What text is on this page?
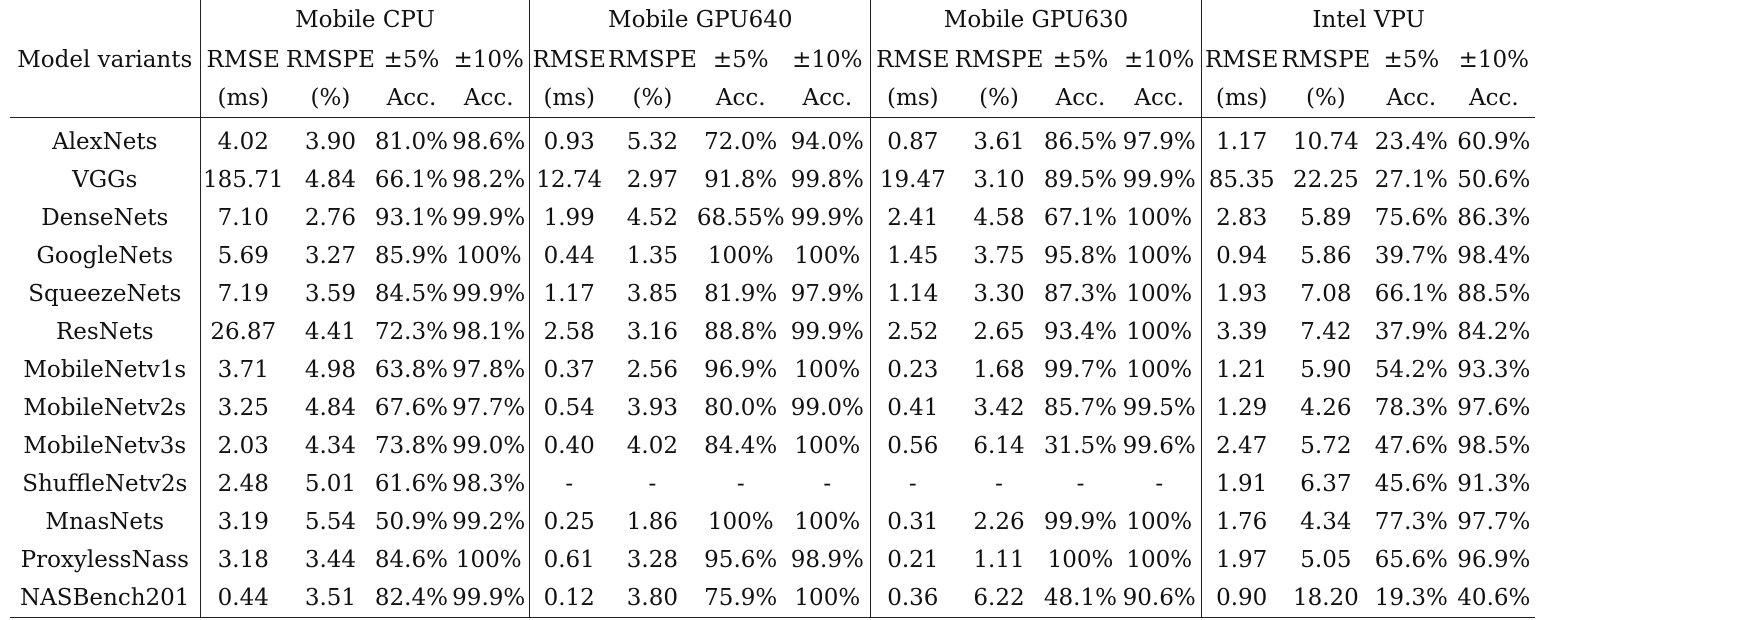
	Mobile CPU				Mobile GPU640				Mobile GPU630				Intel VPU			
Model variants	RMSE	RMSPE	±5%	±10%	RMSE	RMSPE	±5%	±10%	RMSE	RMSPE	±5%	±10%	RMSE	RMSPE	±5%	±10%
	(ms)	(%)	Acc.	Acc.	(ms)	(%)	Acc.	Acc.	(ms)	(%)	Acc.	Acc.	(ms)	(%)	Acc.	Acc.
AlexNets	4.02	3.90	81.0%	98.6%	0.93	5.32	72.0%	94.0%	0.87	3.61	86.5%	97.9%	1.17	10.74	23.4%	60.9%
VGGs	185.71	4.84	66.1%	98.2%	12.74	2.97	91.8%	99.8%	19.47	3.10	89.5%	99.9%	85.35	22.25	27.1%	50.6%
DenseNets	7.10	2.76	93.1%	99.9%	1.99	4.52	68.55%	99.9%	2.41	4.58	67.1%	100%	2.83	5.89	75.6%	86.3%
GoogleNets	5.69	3.27	85.9%	100%	0.44	1.35	100%	100%	1.45	3.75	95.8%	100%	0.94	5.86	39.7%	98.4%
SqueezeNets	7.19	3.59	84.5%	99.9%	1.17	3.85	81.9%	97.9%	1.14	3.30	87.3%	100%	1.93	7.08	66.1%	88.5%
ResNets	26.87	4.41	72.3%	98.1%	2.58	3.16	88.8%	99.9%	2.52	2.65	93.4%	100%	3.39	7.42	37.9%	84.2%
MobileNetv1s	3.71	4.98	63.8%	97.8%	0.37	2.56	96.9%	100%	0.23	1.68	99.7%	100%	1.21	5.90	54.2%	93.3%
MobileNetv2s	3.25	4.84	67.6%	97.7%	0.54	3.93	80.0%	99.0%	0.41	3.42	85.7%	99.5%	1.29	4.26	78.3%	97.6%
MobileNetv3s	2.03	4.34	73.8%	99.0%	0.40	4.02	84.4%	100%	0.56	6.14	31.5%	99.6%	2.47	5.72	47.6%	98.5%
ShuffleNetv2s	2.48	5.01	61.6%	98.3%	-	-	-	-	-	-	-	-	1.91	6.37	45.6%	91.3%
MnasNets	3.19	5.54	50.9%	99.2%	0.25	1.86	100%	100%	0.31	2.26	99.9%	100%	1.76	4.34	77.3%	97.7%
ProxylessNass	3.18	3.44	84.6%	100%	0.61	3.28	95.6%	98.9%	0.21	1.11	100%	100%	1.97	5.05	65.6%	96.9%
NASBench201	0.44	3.51	82.4%	99.9%	0.12	3.80	75.9%	100%	0.36	6.22	48.1%	90.6%	0.90	18.20	19.3%	40.6%
